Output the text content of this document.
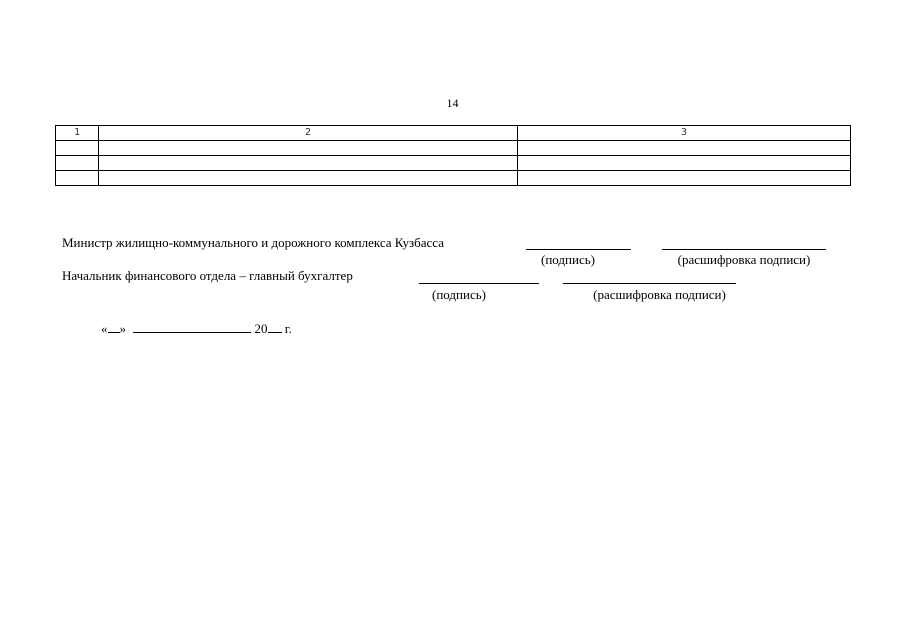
14
1	2	3

Министр жилищно-коммунального и дорожного комплекса Кузбасса
(подпись)	(расшифровка подписи)
Начальник финансового отдела – главный бухгалтер
(подпись)	(расшифровка подписи)
« »	20 г.
